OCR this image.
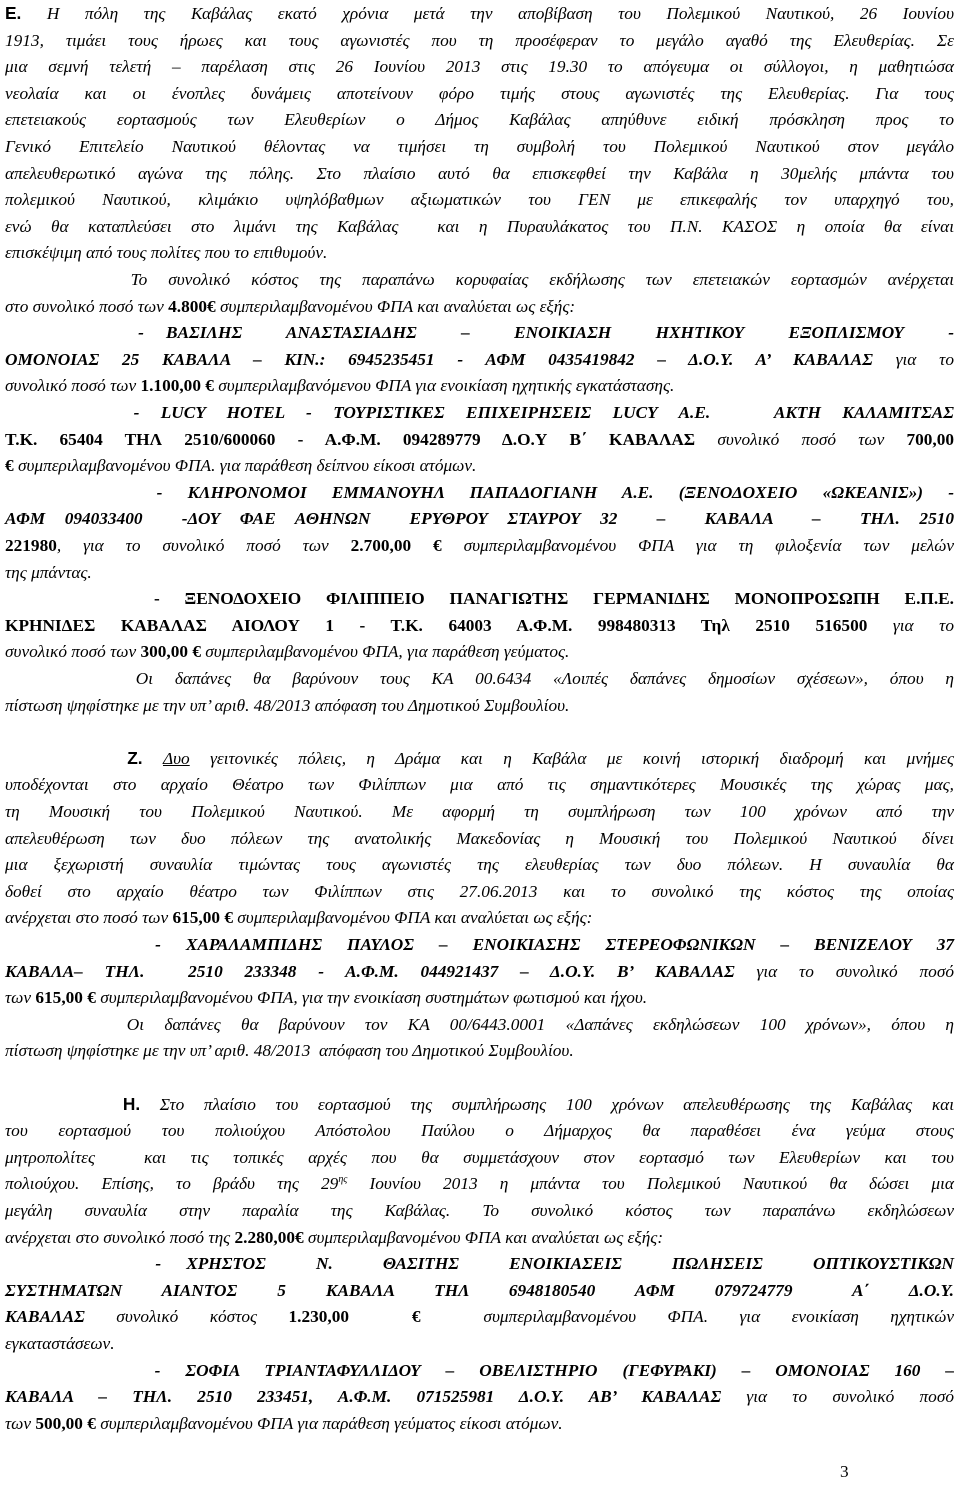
3
Ε. Η πόλη της Καβάλας εκατό χρόνια μετά την αποβίβαση του Πολεμικού Ναυτικού, 26 Ιουνίου
1913, τιμάει τους ήρωες και τους αγωνιστές που τη προσέφεραν το μεγάλο αγαθό της Ελευθερίας. Σε
μια σεμνή τελετή – παρέλαση στις 26 Ιουνίου 2013 στις 19.30 το απόγευμα οι σύλλογοι, η μαθητιώσα
νεολαία και οι ένοπλες δυνάμεις αποτείνουν φόρο τιμής στους αγωνιστές της Ελευθερίας. Για τους
επετειακούς εορτασμούς των Ελευθερίων ο Δήμος Καβάλας απηύθυνε ειδική πρόσκληση προς το
Γενικό Επιτελείο Ναυτικού θέλοντας να τιμήσει τη συμβολή του Πολεμικού Ναυτικού στον μεγάλο
απελευθερωτικό αγώνα της πόλης. Στο πλαίσιο αυτό θα επισκεφθεί την Καβάλα η 30μελής μπάντα του
πολεμικού Ναυτικού, κλιμάκιο υψηλόβαθμων αξιωματικών του ΓΕΝ με επικεφαλής τον υπαρχηγό του,
ενώ θα καταπλεύσει στο λιμάνι της Καβάλας  και η Πυραυλάκατος του Π.Ν. ΚΑΣΟΣ η οποία θα είναι
επισκέψιμη από τους πολίτες που το επιθυμούν.
Το συνολικό κόστος της παραπάνω κορυφαίας εκδήλωσης των επετειακών εορτασμών ανέρχεται
στο συνολικό ποσό των 4.800€ συμπεριλαμβανομένου ΦΠΑ και αναλύεται ως εξής:
- ΒΑΣΙΛΗΣ  ΑΝΑΣΤΑΣΙΑΔΗΣ  –  ΕΝΟΙΚΙΑΣΗ  ΗΧΗΤΙΚΟΥ  ΕΞΟΠΛΙΣΜΟΥ  -
ΟΜΟΝΟΙΑΣ 25 ΚΑΒΑΛΑ – ΚΙΝ.: 6945235451 - ΑΦΜ 0435419842 – Δ.Ο.Υ. Α’ ΚΑΒΑΛΑΣ για το
συνολικό ποσό των 1.100,00 € συμπεριλαμβανόμενου ΦΠΑ για ενοικίαση ηχητικής εγκατάστασης.
- LUCY HOTEL - ΤΟΥΡΙΣΤΙΚΕΣ ΕΠΙΧΕΙΡΗΣΕΙΣ LUCY Α.Ε.   ΑΚΤΗ ΚΑΛΑΜΙΤΣΑΣ
Τ.Κ. 65404 ΤΗΛ 2510/600060 - Α.Φ.Μ. 094289779 Δ.Ο.Υ Β΄ ΚΑΒΑΛΑΣ συνολικό ποσό των 700,00
€ συμπεριλαμβανομένου ΦΠΑ. για παράθεση δείπνου είκοσι ατόμων.
- ΚΛΗΡΟΝΟΜΟΙ ΕΜΜΑΝΟΥΗΛ ΠΑΠΑΔΟΓΙΑΝΗ Α.Ε. (ΞΕΝΟΔΟΧΕΙΟ «ΩΚΕΑΝΙΣ») -
ΑΦΜ 094033400  -ΔΟΥ ΦΑΕ ΑΘΗΝΩΝ  ΕΡΥΘΡΟΥ ΣΤΑΥΡΟΥ 32  –  ΚΑΒΑΛΑ  –  ΤΗΛ. 2510
221980, για το συνολικό ποσό των 2.700,00 € συμπεριλαμβανομένου ΦΠΑ για τη φιλοξενία των μελών
της μπάντας.
- ΞΕΝΟΔΟΧΕΙΟ ΦΙΛΙΠΠΕΙΟ ΠΑΝΑΓΙΩΤΗΣ ΓΕΡΜΑΝΙΔΗΣ ΜΟΝΟΠΡΟΣΩΠΗ Ε.Π.Ε.
ΚΡΗΝΙΔΕΣ ΚΑΒΑΛΑΣ ΑΙΟΛΟΥ 1 - Τ.Κ. 64003 Α.Φ.Μ. 998480313 Τηλ 2510 516500 για το
συνολικό ποσό των 300,00 € συμπεριλαμβανομένου ΦΠΑ, για παράθεση γεύματος.
Οι δαπάνες θα βαρύνουν τους ΚΑ 00.6434 «Λοιπές δαπάνες δημοσίων σχέσεων», όπου η
πίστωση ψηφίστηκε με την υπ’ αριθ. 48/2013 απόφαση του Δημοτικού Συμβουλίου.
Ζ. Δυο γειτονικές πόλεις, η Δράμα και η Καβάλα με κοινή ιστορική διαδρομή και μνήμες
υποδέχονται στο αρχαίο Θέατρο των Φιλίππων μια από τις σημαντικότερες Μουσικές της χώρας μας,
τη Μουσική του Πολεμικού Ναυτικού. Με αφορμή τη συμπλήρωση των 100 χρόνων από την
απελευθέρωση των δυο πόλεων της ανατολικής Μακεδονίας η Μουσική του Πολεμικού Ναυτικού δίνει
μια ξεχωριστή συναυλία τιμώντας τους αγωνιστές της ελευθερίας των δυο πόλεων. Η συναυλία θα
δοθεί στο αρχαίο θέατρο των Φιλίππων στις 27.06.2013 και το συνολικό της κόστος της οποίας
ανέρχεται στο ποσό των 615,00 € συμπεριλαμβανομένου ΦΠΑ και αναλύεται ως εξής:
- ΧΑΡΑΛΑΜΠΙΔΗΣ ΠΑΥΛΟΣ – ΕΝΟΙΚΙΑΣΗΣ ΣΤΕΡΕΟΦΩΝΙΚΩΝ – ΒΕΝΙΖΕΛΟΥ 37
ΚΑΒΑΛΑ– ΤΗΛ.  2510 233348 - Α.Φ.Μ. 044921437 – Δ.Ο.Υ. Β’ ΚΑΒΑΛΑΣ για το συνολικό ποσό
των 615,00 € συμπεριλαμβανομένου ΦΠΑ, για την ενοικίαση συστημάτων φωτισμού και ήχου.
Οι δαπάνες θα βαρύνουν τον ΚΑ 00/6443.0001 «Δαπάνες εκδηλώσεων 100 χρόνων», όπου η
πίστωση ψηφίστηκε με την υπ’ αριθ. 48/2013  απόφαση του Δημοτικού Συμβουλίου.
Η. Στο πλαίσιο του εορτασμού της συμπλήρωσης 100 χρόνων απελευθέρωσης της Καβάλας και
του εορτασμού του πολιούχου Απόστολου Παύλου ο Δήμαρχος θα παραθέσει ένα γεύμα στους
μητροπολίτες  και τις τοπικές αρχές που θα συμμετάσχουν στον εορτασμό των Ελευθερίων και του
πολιούχου. Επίσης, το βράδυ της $29^{\eta\varsigma}$ Ιουνίου 2013 η μπάντα του Πολεμικού Ναυτικού θα δώσει μια
μεγάλη συναυλία στην παραλία της Καβάλας. Το συνολικό κόστος των παραπάνω εκδηλώσεων
ανέρχεται στο συνολικό ποσό της 2.280,00€ συμπεριλαμβανομένου ΦΠΑ και αναλύεται ως εξής:
- ΧΡΗΣΤΟΣ  Ν.  ΘΑΣΙΤΗΣ  ΕΝΟΙΚΙΑΣΕΙΣ  ΠΩΛΗΣΕΙΣ  ΟΠΤΙΚΟΥΣΤΙΚΩΝ
ΣΥΣΤΗΜΑΤΩΝ  ΑΙΑΝΤΟΣ  5  ΚΑΒΑΛΑ  ΤΗΛ  6948180540  ΑΦΜ  079724779   Α΄  Δ.Ο.Υ.
ΚΑΒΑΛΑΣ συνολικό κόστος 1.230,00  €  συμπεριλαμβανομένου ΦΠΑ. για ενοικίαση ηχητικών
εγκαταστάσεων.
- ΣΟΦΙΑ ΤΡΙΑΝΤΑΦΥΛΛΙΔΟΥ – ΟΒΕΛΙΣΤΗΡΙΟ (ΓΕΦΥΡΑΚΙ) – ΟΜΟΝΟΙΑΣ 160 –
ΚΑΒΑΛΑ – ΤΗΛ. 2510 233451, Α.Φ.Μ. 071525981 Δ.Ο.Υ. ΑΒ’ ΚΑΒΑΛΑΣ για το συνολικό ποσό
των 500,00 € συμπεριλαμβανομένου ΦΠΑ για παράθεση γεύματος είκοσι ατόμων.
